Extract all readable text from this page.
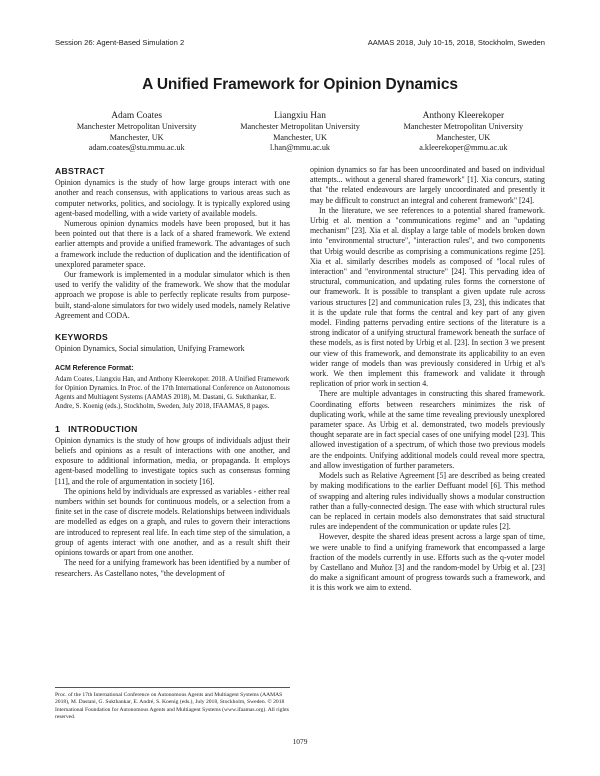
Session 26: Agent-Based Simulation 2	AAMAS 2018, July 10-15, 2018, Stockholm, Sweden
A Unified Framework for Opinion Dynamics
Adam Coates
Manchester Metropolitan University
Manchester, UK
adam.coates@stu.mmu.ac.uk
Liangxiu Han
Manchester Metropolitan University
Manchester, UK
l.han@mmu.ac.uk
Anthony Kleerekoper
Manchester Metropolitan University
Manchester, UK
a.kleerekoper@mmu.ac.uk
ABSTRACT

Opinion dynamics is the study of how large groups interact with one another and reach consensus, with applications to various areas such as computer networks, politics, and sociology. It is typically explored using agent-based modelling, with a wide variety of available models.

Numerous opinion dynamics models have been proposed, but it has been pointed out that there is a lack of a shared framework. We extend earlier attempts and provide a unified framework. The advantages of such a framework include the reduction of duplication and the identification of unexplored parameter space.

Our framework is implemented in a modular simulator which is then used to verify the validity of the framework. We show that the modular approach we propose is able to perfectly replicate results from purpose-built, stand-alone simulators for two widely used models, namely Relative Agreement and CODA.

KEYWORDS

Opinion Dynamics, Social simulation, Unifying Framework

ACM Reference Format:

Adam Coates, Liangxiu Han, and Anthony Kleerekoper. 2018. A Unified Framework for Opinion Dynamics. In Proc. of the 17th International Conference on Autonomous Agents and Multiagent Systems (AAMAS 2018), M. Dastani, G. Sukthankar, E. Andre, S. Koenig (eds.), Stockholm, Sweden, July 2018, IFAAMAS, 8 pages.

1 INTRODUCTION

Opinion dynamics is the study of how groups of individuals adjust their beliefs and opinions as a result of interactions with one another, and exposure to additional information, media, or propaganda. It employs agent-based modelling to investigate topics such as consensus forming [11], and the role of argumentation in society [16].

The opinions held by individuals are expressed as variables - either real numbers within set bounds for continuous models, or a selection from a finite set in the case of discrete models. Relationships between individuals are modelled as edges on a graph, and rules to govern their interactions are introduced to represent real life. In each time step of the simulation, a group of agents interact with one another, and as a result shift their opinions towards or apart from one another.

The need for a unifying framework has been identified by a number of researchers. As Castellano notes, "the development of

opinion dynamics so far has been uncoordinated and based on individual attempts... without a general shared framework" [1]. Xia concurs, stating that "the related endeavours are largely uncoordinated and presently it may be difficult to construct an integral and coherent framework" [24].

In the literature, we see references to a potential shared framework. Urbig et al. mention a "communications regime" and an "updating mechanism" [23]. Xia et al. display a large table of models broken down into "environmental structure", "interaction rules", and two components that Urbig would describe as comprising a communications regime [25]. Xia et al. similarly describes models as composed of "local rules of interaction" and "environmental structure" [24]. This pervading idea of structural, communication, and updating rules forms the cornerstone of our framework. It is possible to transplant a given update rule across various structures [2] and communication rules [3, 23], this indicates that it is the update rule that forms the central and key part of any given model. Finding patterns pervading entire sections of the literature is a strong indicator of a unifying structural framework beneath the surface of these models, as is first noted by Urbig et al. [23]. In section 3 we present our view of this framework, and demonstrate its applicability to an even wider range of models than was previously considered in Urbig et al's work. We then implement this framework and validate it through replication of prior work in section 4.

There are multiple advantages in constructing this shared framework. Coordinating efforts between researchers minimizes the risk of duplicating work, while at the same time revealing previously unexplored parameter space. As Urbig et al. demonstrated, two models previously thought separate are in fact special cases of one unifying model [23]. This allowed investigation of a spectrum, of which those two previous models are the endpoints. Unifying additional models could reveal more spectra, and allow investigation of further parameters.

Models such as Relative Agreement [5] are described as being created by making modifications to the earlier Deffuant model [6]. This method of swapping and altering rules individually shows a modular construction rather than a fully-connected design. The ease with which structural rules can be replaced in certain models also demonstrates that said structural rules are independent of the communication or update rules [2].

However, despite the shared ideas present across a large span of time, we were unable to find a unifying framework that encompassed a large fraction of the models currently in use. Efforts such as the q-voter model by Castellano and Muñoz [3] and the random-model by Urbig et al. [23] do make a significant amount of progress towards such a framework, and it is this work we aim to extend.

Proc. of the 17th International Conference on Autonomous Agents and Multiagent Systems (AAMAS 2018), M. Dastani, G. Sukthankar, E. André, S. Koenig (eds.), July 2018, Stockholm, Sweden. © 2018 International Foundation for Autonomous Agents and Multiagent Systems (www.ifaamas.org). All rights reserved.
1079
